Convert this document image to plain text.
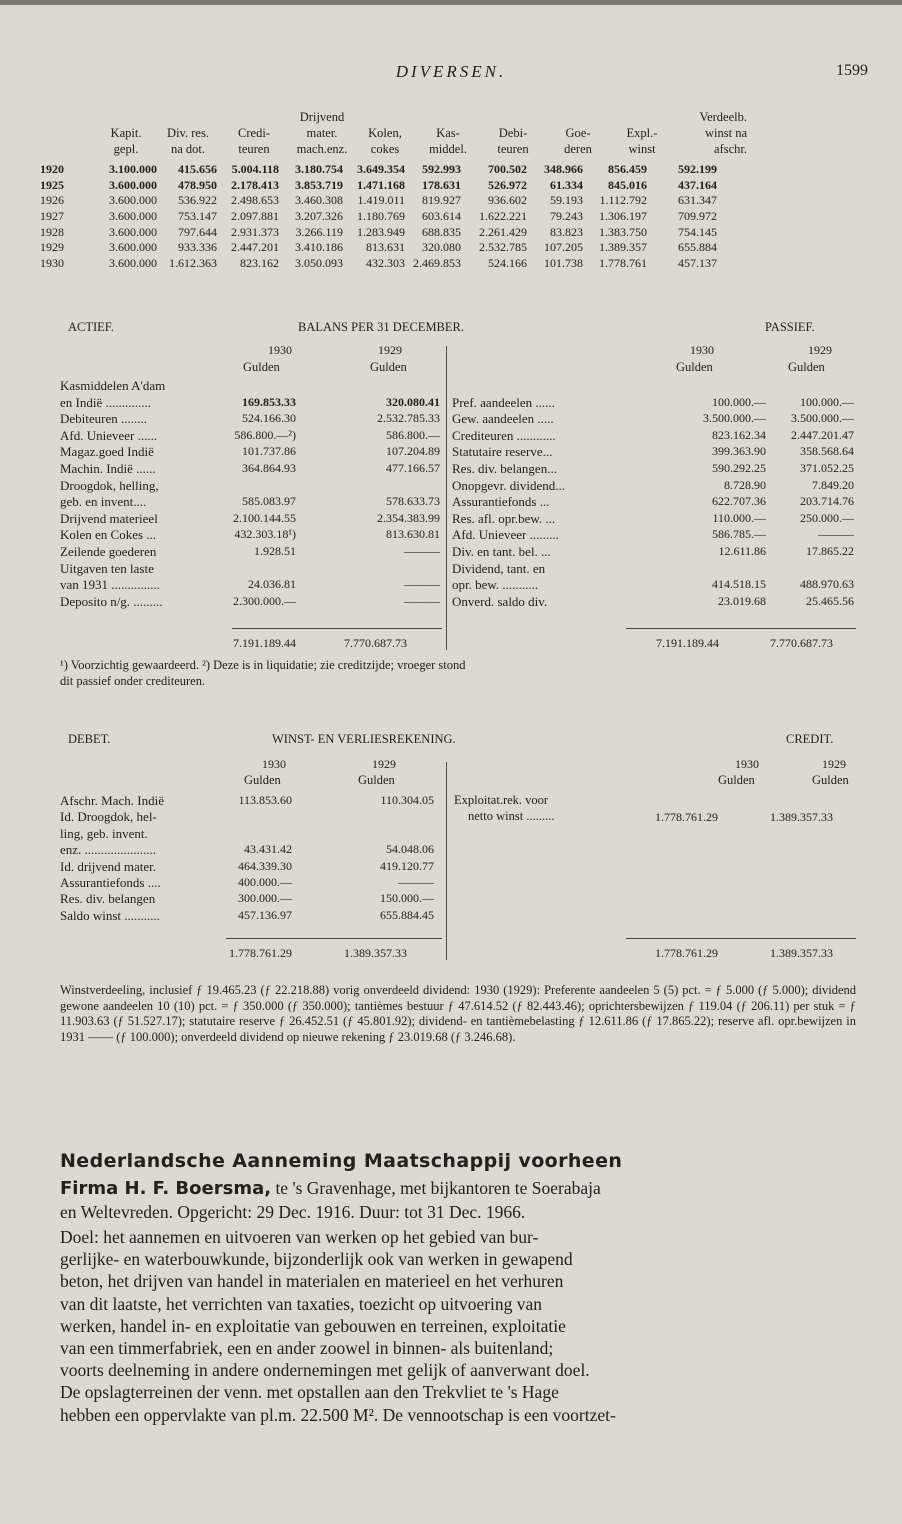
DIVERSEN.	1599
Drijvend	Verdeelb.
Kapit.	Div. res.	Credi-	mater.	Kolen,	Kas-	Debi-	Goe-	Expl.-	winst na
gepl.	na dot.	teuren	mach.enz.	cokes	middel.	teuren	deren	winst	afschr.
1920	3.100.000	415.656	5.004.118	3.180.754	3.649.354	592.993	700.502	348.966	856.459	592.199
1925	3.600.000	478.950	2.178.413	3.853.719	1.471.168	178.631	526.972	61.334	845.016	437.164
1926	3.600.000	536.922	2.498.653	3.460.308	1.419.011	819.927	936.602	59.193	1.112.792	631.347
1927	3.600.000	753.147	2.097.881	3.207.326	1.180.769	603.614	1.622.221	79.243	1.306.197	709.972
1928	3.600.000	797.644	2.931.373	3.266.119	1.283.949	688.835	2.261.429	83.823	1.383.750	754.145
1929	3.600.000	933.336	2.447.201	3.410.186	813.631	320.080	2.532.785	107.205	1.389.357	655.884
1930	3.600.000	1.612.363	823.162	3.050.093	432.303	2.469.853	524.166	101.738	1.778.761	457.137
ACTIEF.	BALANS PER 31 DECEMBER.	PASSIEF.
1930	1929
Gulden	Gulden
1930	1929
Gulden	Gulden
Kasmiddelen A'dam
en Indië ..............	169.853.33	320.080.41
Debiteuren ........	524.166.30	2.532.785.33
Afd. Unieveer ......	586.800.—²)	586.800.—
Magaz.goed Indië	101.737.86	107.204.89
Machin. Indië ......	364.864.93	477.166.57
Droogdok, helling,
geb. en invent....	585.083.97	578.633.73
Drijvend materieel	2.100.144.55	2.354.383.99
Kolen en Cokes ...	432.303.18¹)	813.630.81
Zeilende goederen	1.928.51	———
Uitgaven ten laste
van 1931 ...............	24.036.81	———
Deposito n/g. .........	2.300.000.—	———
Pref. aandeelen ......	100.000.—	100.000.—
Gew. aandeelen .....	3.500.000.— 3.500.000.—
Crediteuren ............	823.162.34 2.447.201.47
Statutaire reserve...	399.363.90	358.568.64
Res. div. belangen...	590.292.25	371.052.25
Onopgevr. dividend...	8.728.90	7.849.20
Assurantiefonds ...	622.707.36	203.714.76
Res. afl. opr.bew. ...	110.000.—	250.000.—
Afd. Unieveer .........	586.785.—	———
Div. en tant. bel. ...	12.611.86	17.865.22
Dividend, tant. en
opr. bew. ...........	414.518.15	488.970.63
Onverd. saldo div.	23.019.68	25.465.56
7.191.189.44	7.770.687.73	7.191.189.44	7.770.687.73
¹) Voorzichtig gewaardeerd. ²) Deze is in liquidatie; zie creditzijde; vroeger stond
dit passief onder crediteuren.
DEBET.	WINST- EN VERLIESREKENING.	CREDIT.
1930	1929
Gulden	Gulden
1930	1929
Gulden	Gulden
Afschr. Mach. Indië	113.853.60	110.304.05
Id. Droogdok, hel-
ling, geb. invent.
enz. ......................	43.431.42	54.048.06
Id. drijvend mater.	464.339.30	419.120.77
Assurantiefonds ....	400.000.—	———
Res. div. belangen	300.000.—	150.000.—
Saldo winst ...........	457.136.97	655.884.45
Exploitat.rek. voor
netto winst .........	1.778.761.29	1.389.357.33
1.778.761.29	1.389.357.33	1.778.761.29	1.389.357.33
Winstverdeeling, inclusief ƒ 19.465.23 (ƒ 22.218.88) vorig onverdeeld dividend: 1930 (1929): Preferente aandeelen 5 (5) pct. = ƒ 5.000 (ƒ 5.000); dividend gewone aandeelen 10 (10) pct. = ƒ 350.000 (ƒ 350.000); tantièmes bestuur ƒ 47.614.52 (ƒ 82.443.46); oprichtersbewijzen ƒ 119.04 (ƒ 206.11) per stuk = ƒ 11.903.63 (ƒ 51.527.17); statutaire reserve ƒ 26.452.51 (ƒ 45.801.92); dividend- en tantièmebelasting ƒ 12.611.86 (ƒ 17.865.22); reserve afl. opr.bewijzen in 1931 —— (ƒ 100.000); onverdeeld dividend op nieuwe rekening ƒ 23.019.68 (ƒ 3.246.68).
Nederlandsche Aanneming Maatschappij voorheen
Firma H. F. Boersma, te 's Gravenhage, met bijkantoren te Soerabaja
en Weltevreden. Opgericht: 29 Dec. 1916. Duur: tot 31 Dec. 1966.
Doel: het aannemen en uitvoeren van werken op het gebied van bur-
gerlijke- en waterbouwkunde, bijzonderlijk ook van werken in gewapend
beton, het drijven van handel in materialen en materieel en het verhuren
van dit laatste, het verrichten van taxaties, toezicht op uitvoering van
werken, handel in- en exploitatie van gebouwen en terreinen, exploitatie
van een timmerfabriek, een en ander zoowel in binnen- als buitenland;
voorts deelneming in andere ondernemingen met gelijk of aanverwant doel.
De opslagterreinen der venn. met opstallen aan den Trekvliet te 's Hage
hebben een oppervlakte van pl.m. 22.500 M². De vennootschap is een voortzet-
